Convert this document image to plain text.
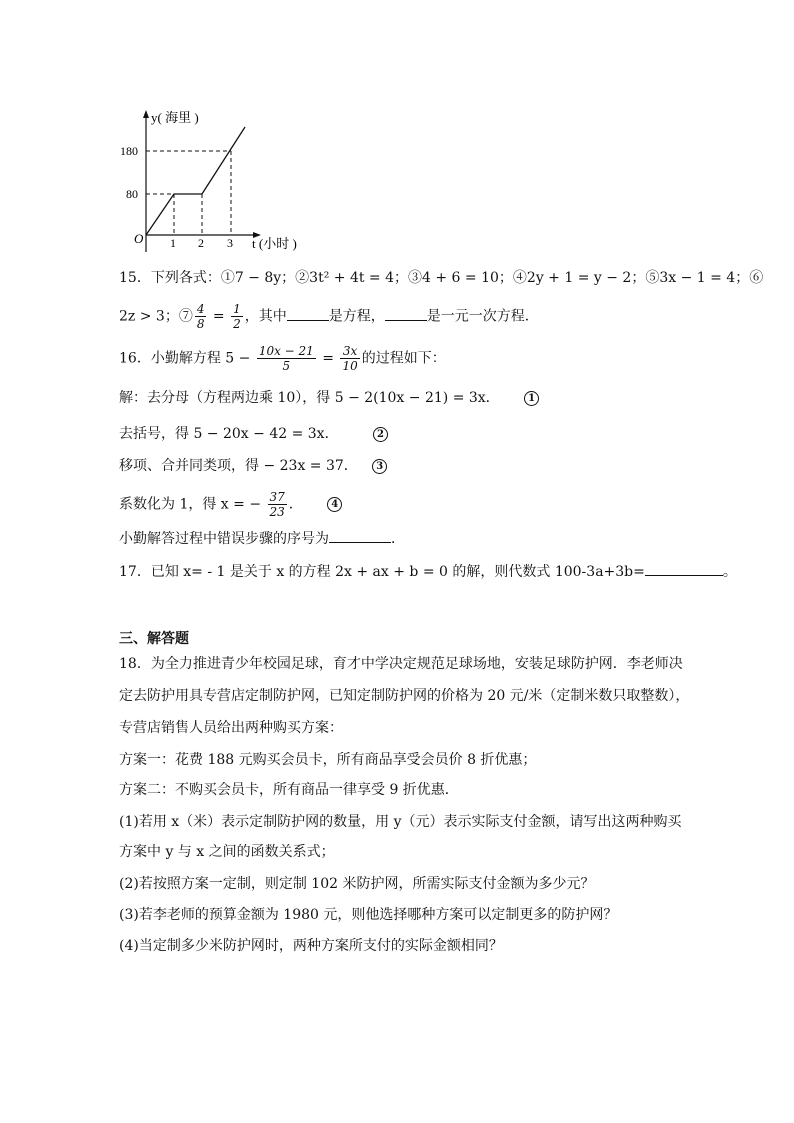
y( 海里 )
180
80
O 1 2 3 t (小时 )
15．下列各式：①7 − 8y；②3t² + 4t = 4；③4 + 6 = 10；④2y + 1 = y − 2；⑤3x − 1 = 4；⑥
2z > 3；⑦ $\frac{4}{8} = \frac{1}{2}$ ，其中	是方程，	是一元一次方程．
16．小勤解方程 $5 - \frac{10x - 21}{5} = \frac{3x}{10}$ 的过程如下：
解：去分母（方程两边乘 10），得 5 − 2(10x − 21) = 3x．	1
去括号，得 5 − 20x − 42 = 3x．	2
移项、合并同类项，得 − 23x = 37． 3
系数化为 1，得 x = − $\frac{37}{23}$ ．	4
小勤解答过程中错误步骤的序号为	．
17．已知 x= - 1 是关于 x 的方程 2x + ax + b = 0 的解，则代数式 100-3a+3b=	。
三、解答题
18．为全力推进青少年校园足球，育才中学决定规范足球场地，安装足球防护网．李老师决
定去防护用具专营店定制防护网，已知定制防护网的价格为 20 元/米（定制米数只取整数），
专营店销售人员给出两种购买方案：
方案一：花费 188 元购买会员卡，所有商品享受会员价 8 折优惠；
方案二：不购买会员卡，所有商品一律享受 9 折优惠．
(1)若用 x（米）表示定制防护网的数量，用 y（元）表示实际支付金额，请写出这两种购买
方案中 y 与 x 之间的函数关系式；
(2)若按照方案一定制，则定制 102 米防护网，所需实际支付金额为多少元？
(3)若李老师的预算金额为 1980 元，则他选择哪种方案可以定制更多的防护网？
(4)当定制多少米防护网时，两种方案所支付的实际金额相同？
